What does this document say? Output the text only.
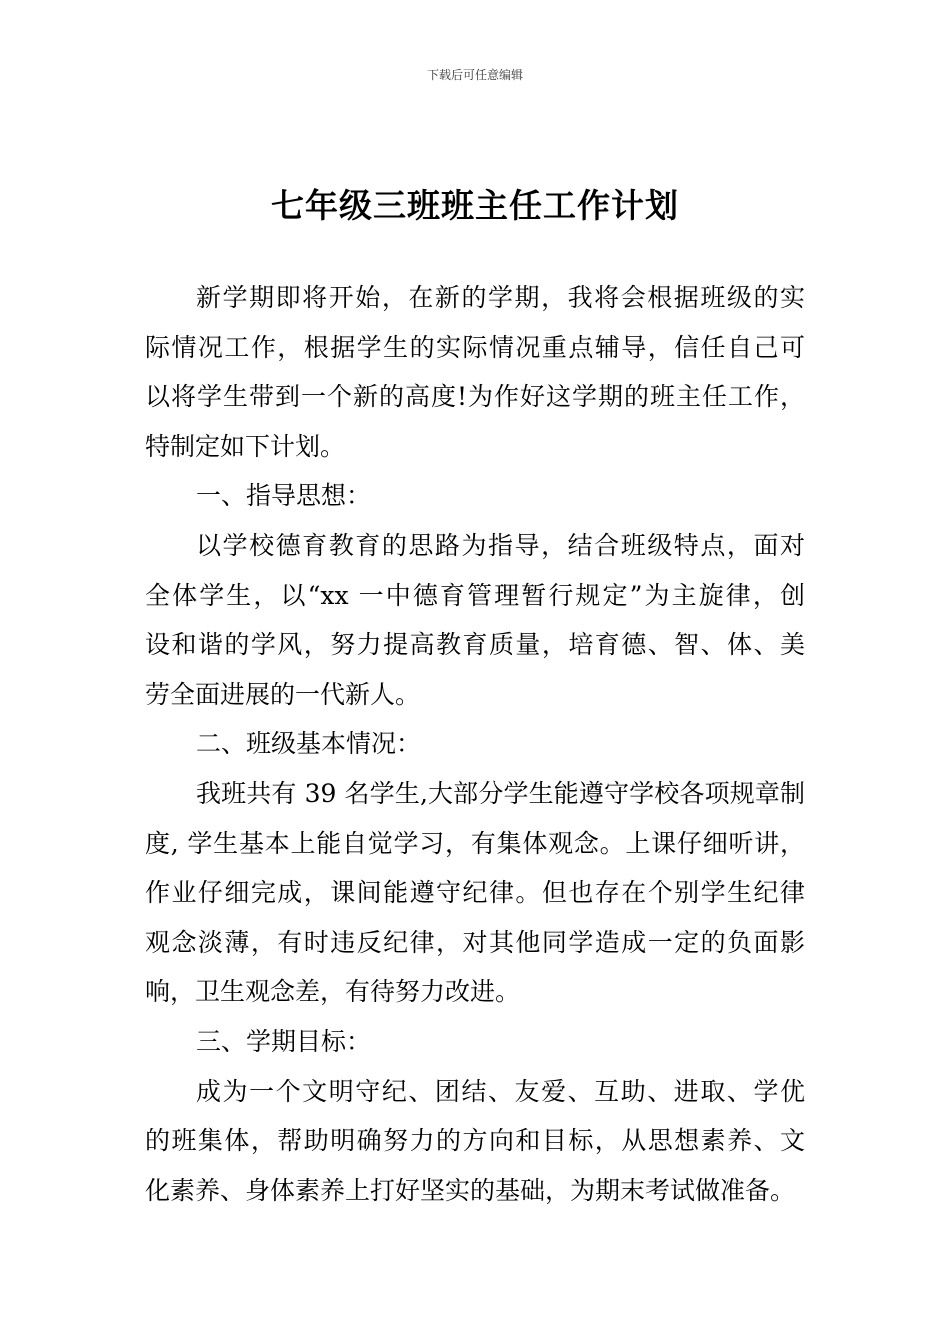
下载后可任意编辑
七年级三班班主任工作计划
新学期即将开始，在新的学期，我将会根据班级的实
际情况工作，根据学生的实际情况重点辅导，信任自己可
以将学生带到一个新的高度!为作好这学期的班主任工作，
特制定如下计划。
一、指导思想：
以学校德育教育的思路为指导，结合班级特点，面对
全体学生，以“xx 一中德育管理暂行规定”为主旋律，创
设和谐的学风，努力提高教育质量，培育德、智、体、美
劳全面进展的一代新人。
二、班级基本情况：
我班共有 39 名学生,大部分学生能遵守学校各项规章制
度, 学生基本上能自觉学习，有集体观念。上课仔细听讲，
作业仔细完成，课间能遵守纪律。但也存在个别学生纪律
观念淡薄，有时违反纪律，对其他同学造成一定的负面影
响，卫生观念差，有待努力改进。
三、学期目标：
成为一个文明守纪、团结、友爱、互助、进取、学优
的班集体，帮助明确努力的方向和目标，从思想素养、文
化素养、身体素养上打好坚实的基础，为期末考试做准备。
